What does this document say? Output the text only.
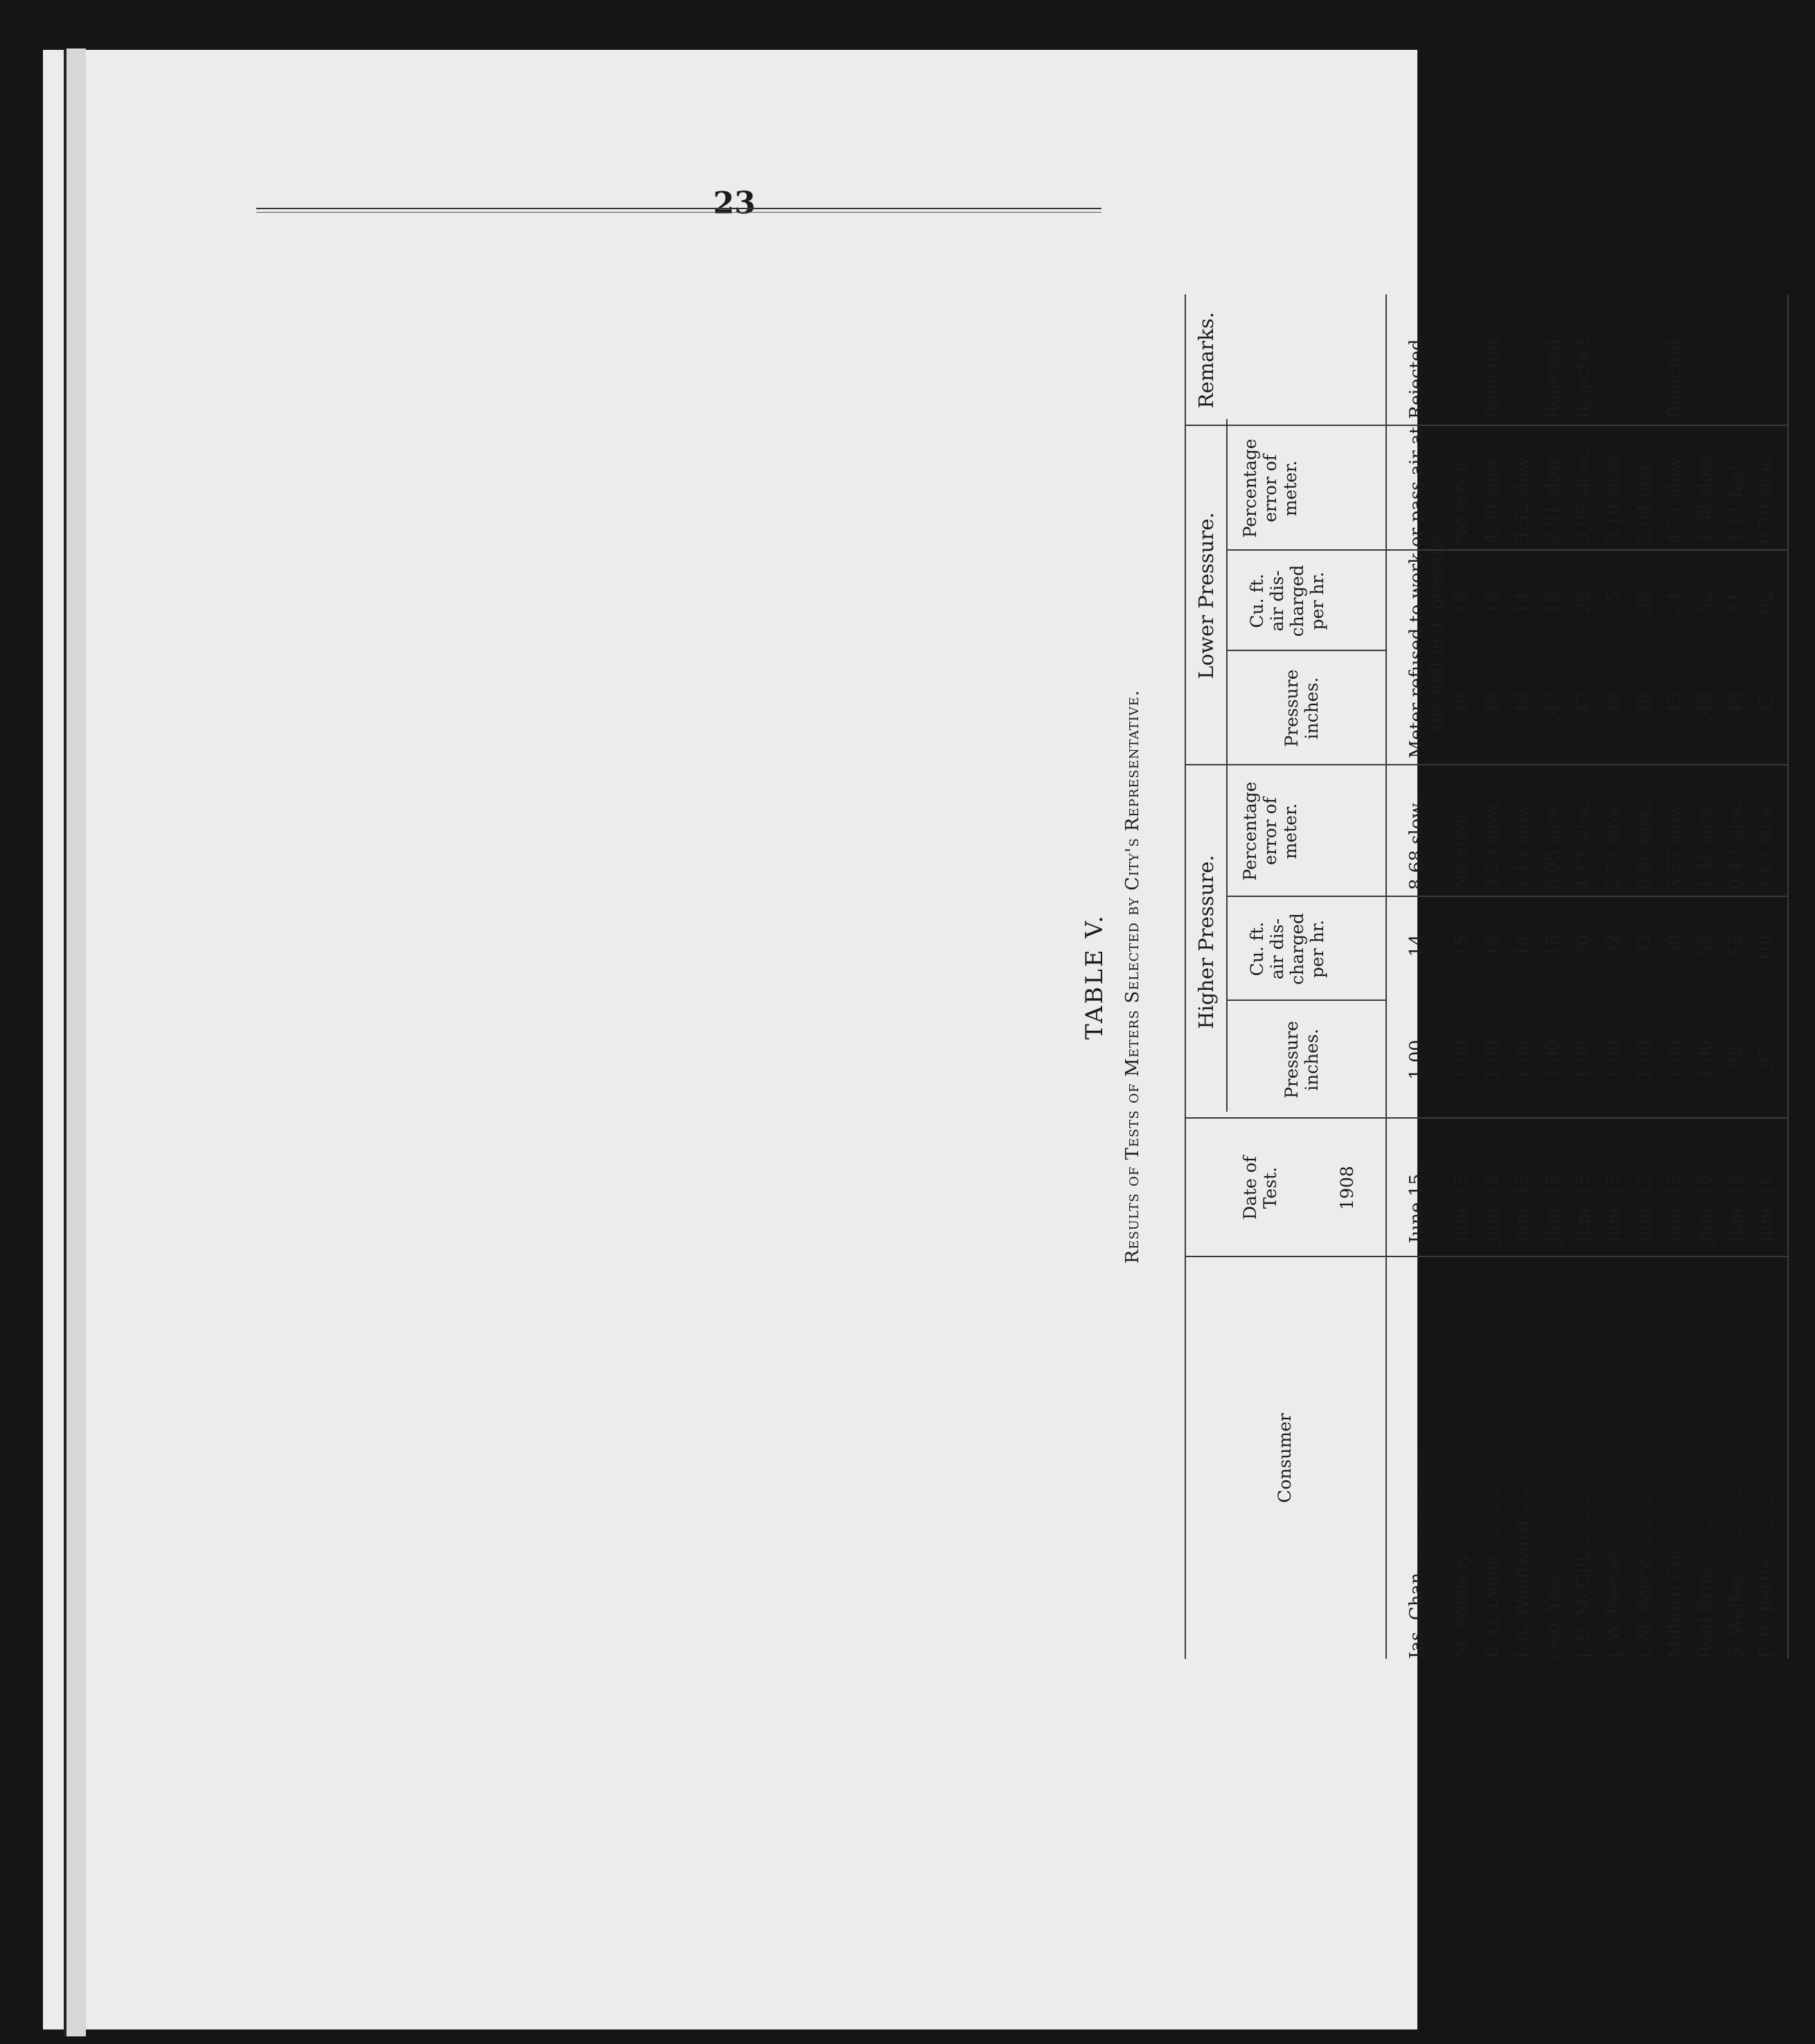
23
TABLE V. Results of Tests of Meters Selected by City's Representative.
Consumer
Date of Test.	1908
Higher Pressure.
Lower Pressure.
Remarks.
Pressure inches.
Cu. ft. air dis- charged per hr.
Percentage error of meter.
Pressure inches.
Cu. ft. air dis- charged per hr.
Percentage error of meter.
Jas. Chan ....................
June 15..
1.00
14
8.68 slow .
Meter refused to work or pass air at
Rejected.
the half-inch pressure.
M. Soloway...........
June 15..
1.00
15
No error..
.46
16
No error..
E. G. Lynch ...........
June 15..
1.00
14
3.29 slow..
.48
14
4.90 slow..
Rejected.
J. A. Woodward.........
June 15..
1.00
14
1.13 slow..
.48
14
3.52 slow..
Geo. Yeo.............
June 15..
1.00
15
8.05 slow..
.47
16
2.91 slow..
Rejected.
J. D. McGill...........
June 15..
1.00
30
4.17 slow..
.47
26
3.05 slow..
Rejected.
J. W. Reeves...........
June 15..
1.00
32
2.72 slow..
.48
25
3.10 slow..
J. M. Percy............
June 15..
1.00
32
0.86 fast..
.48
28
2.04 fast..
Milburn Co.............
June 15..
1.00
30
3.57 slow..
.45
24
4.71 slow..
Rejected.
Reid Bros ..............
June 16..
1.00
54
1.48 slow..
.48
52
1.38 slow..
S. Walker ..............
June 16..
.98
55
0.40 slow..
.48
51
1.11 fast
F. R. Bettle ...........
June 16..
.97
106
1.67 slow..
.45
82
0.70 slow..
